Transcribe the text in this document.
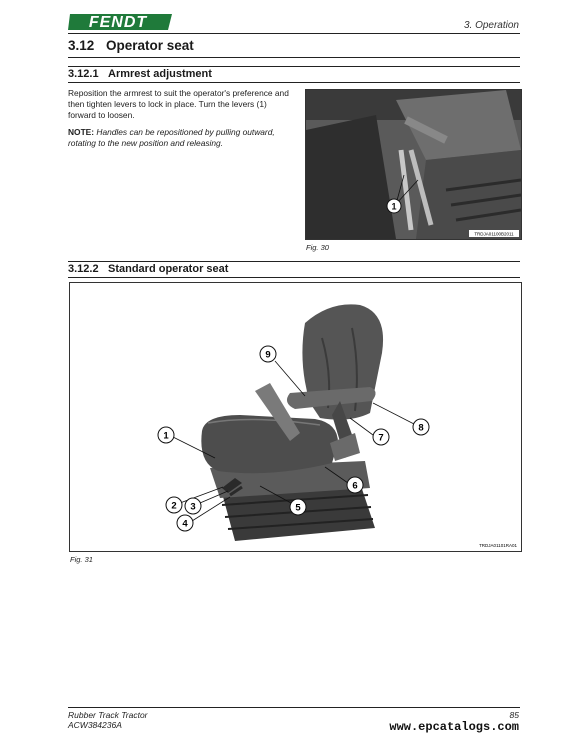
FENDT	3. Operation
3.12 Operator seat
3.12.1 Armrest adjustment
Reposition the armrest to suit the operator's preference and then tighten levers to lock in place. Turn the levers (1) forward to loosen.
NOTE: Handles can be repositioned by pulling outward, rotating to the new position and releasing.
1
TRDJA01100B2011
Fig. 30
3.12.2 Standard operator seat
1
2 3
4
5
6
7
8
9
TRDJA01101RA01
Fig. 31
Rubber Track Tractor
ACW384236A
85
www.epcatalogs.com
